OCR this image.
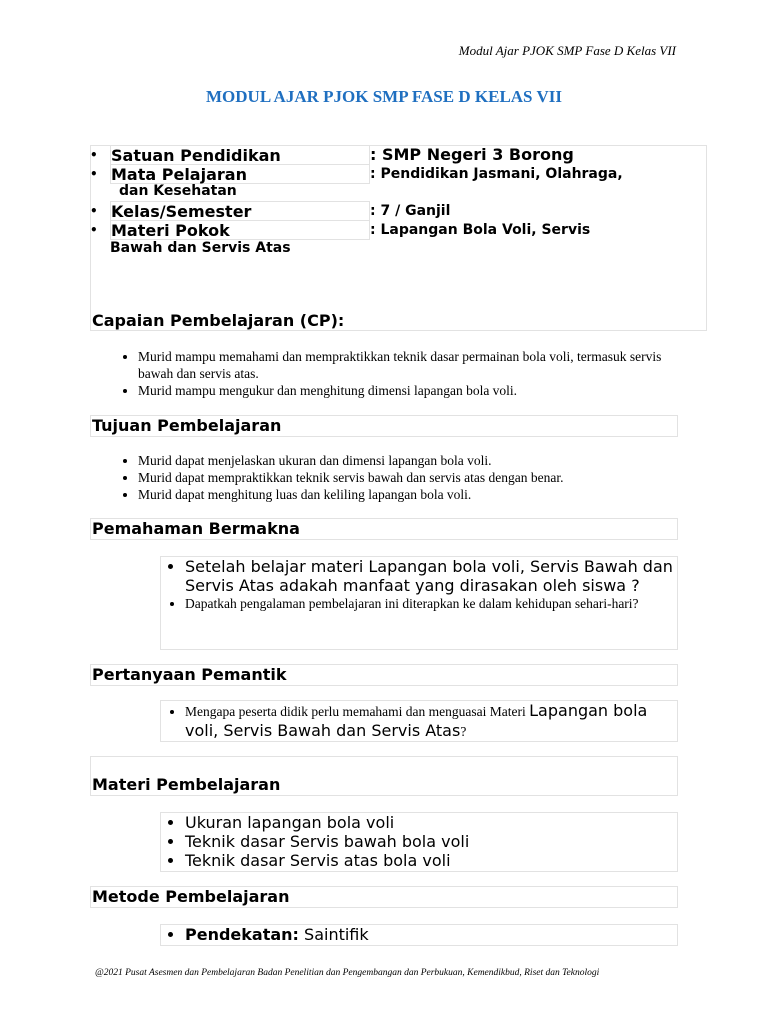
Modul Ajar PJOK SMP Fase D Kelas VII
MODUL AJAR PJOK SMP FASE D KELAS VII
• Satuan Pendidikan	: SMP Negeri 3 Borong
• Mata Pelajaran	: Pendidikan Jasmani, Olahraga,
dan Kesehatan
• Kelas/Semester	: 7 / Ganjil
• Materi Pokok	: Lapangan Bola Voli, Servis
Bawah dan Servis Atas
Capaian Pembelajaran (CP):
• Murid mampu memahami dan mempraktikkan teknik dasar permainan bola voli, termasuk servis bawah dan servis atas.
• Murid mampu mengukur dan menghitung dimensi lapangan bola voli.
Tujuan Pembelajaran
• Murid dapat menjelaskan ukuran dan dimensi lapangan bola voli.
• Murid dapat mempraktikkan teknik servis bawah dan servis atas dengan benar.
• Murid dapat menghitung luas dan keliling lapangan bola voli.
Pemahaman Bermakna
• Setelah belajar materi Lapangan bola voli, Servis Bawah dan Servis Atas adakah manfaat yang dirasakan oleh siswa ?
• Dapatkah pengalaman pembelajaran ini diterapkan ke dalam kehidupan sehari-hari?
Pertanyaan Pemantik
• Mengapa peserta didik perlu memahami dan menguasai Materi Lapangan bola voli, Servis Bawah dan Servis Atas?
Materi Pembelajaran
• Ukuran lapangan bola voli
• Teknik dasar Servis bawah bola voli
• Teknik dasar Servis atas bola voli
Metode Pembelajaran
• Pendekatan: Saintifik
@2021 Pusat Asesmen dan Pembelajaran Badan Penelitian dan Pengembangan dan Perbukuan, Kemendikbud, Riset dan Teknologi
